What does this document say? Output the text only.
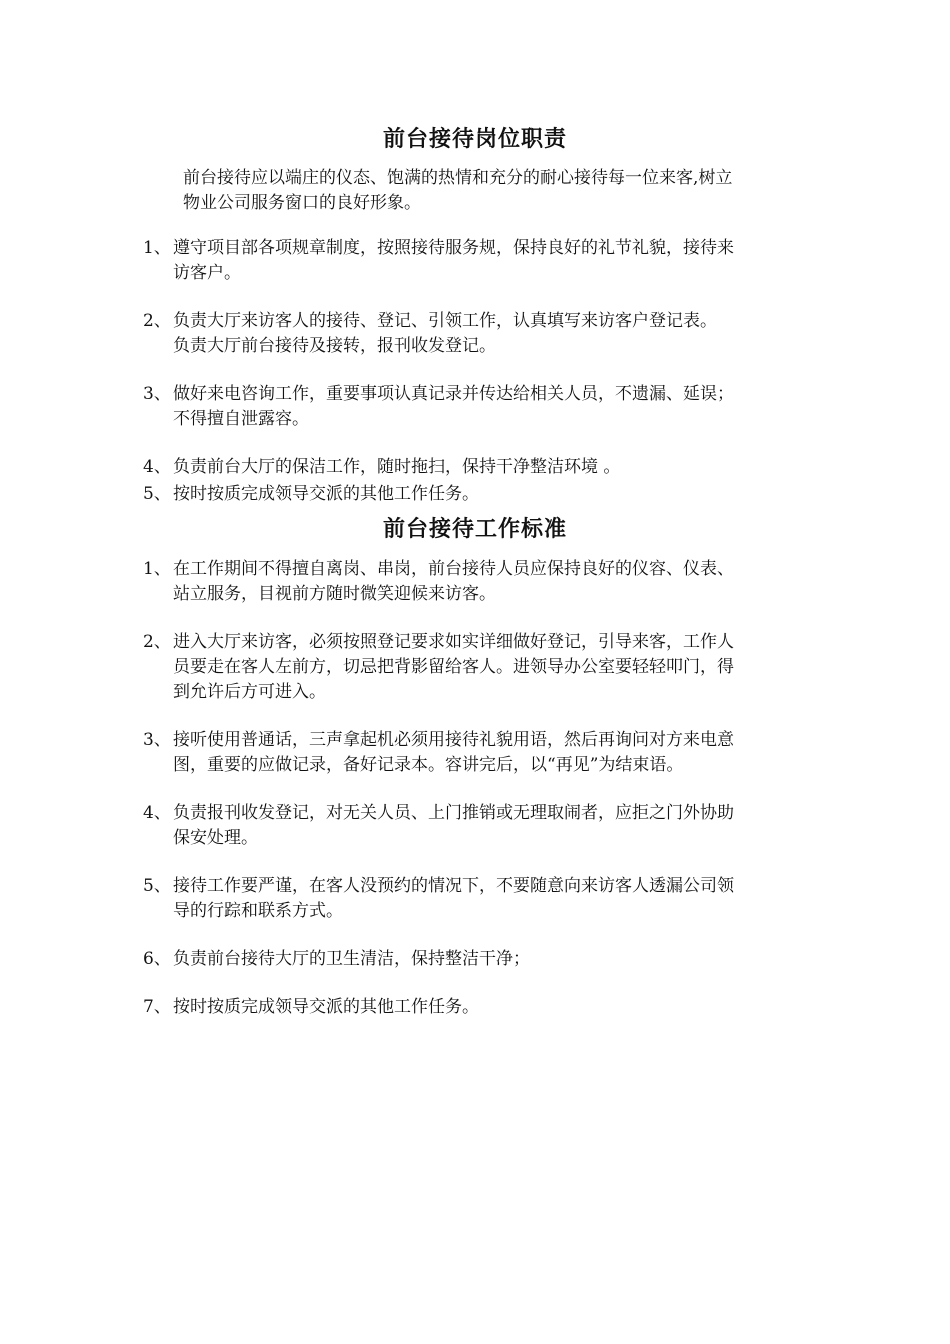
前台接待岗位职责
前台接待应以端庄的仪态、饱满的热情和充分的耐心接待每一位来客,树立
物业公司服务窗口的良好形象。
1、 遵守项目部各项规章制度，按照接待服务规，保持良好的礼节礼貌，接待来
访客户。
2、 负责大厅来访客人的接待、登记、引领工作，认真填写来访客户登记表。
负责大厅前台接待及接转，报刊收发登记。
3、 做好来电咨询工作，重要事项认真记录并传达给相关人员，不遗漏、延误；
不得擅自泄露容。
4、 负责前台大厅的保洁工作，随时拖扫，保持干净整洁环境 。
5、 按时按质完成领导交派的其他工作任务。
前台接待工作标准
1、 在工作期间不得擅自离岗、串岗，前台接待人员应保持良好的仪容、仪表、
站立服务，目视前方随时微笑迎候来访客。
2、 进入大厅来访客，必须按照登记要求如实详细做好登记，引导来客，工作人
员要走在客人左前方，切忌把背影留给客人。进领导办公室要轻轻叩门，得
到允许后方可进入。
3、 接听使用普通话，三声拿起机必须用接待礼貌用语，然后再询问对方来电意
图，重要的应做记录，备好记录本。容讲完后，以“再见”为结束语。
4、 负责报刊收发登记，对无关人员、上门推销或无理取闹者，应拒之门外协助
保安处理。
5、 接待工作要严谨，在客人没预约的情况下，不要随意向来访客人透漏公司领
导的行踪和联系方式。
6、 负责前台接待大厅的卫生清洁，保持整洁干净；
7、 按时按质完成领导交派的其他工作任务。
